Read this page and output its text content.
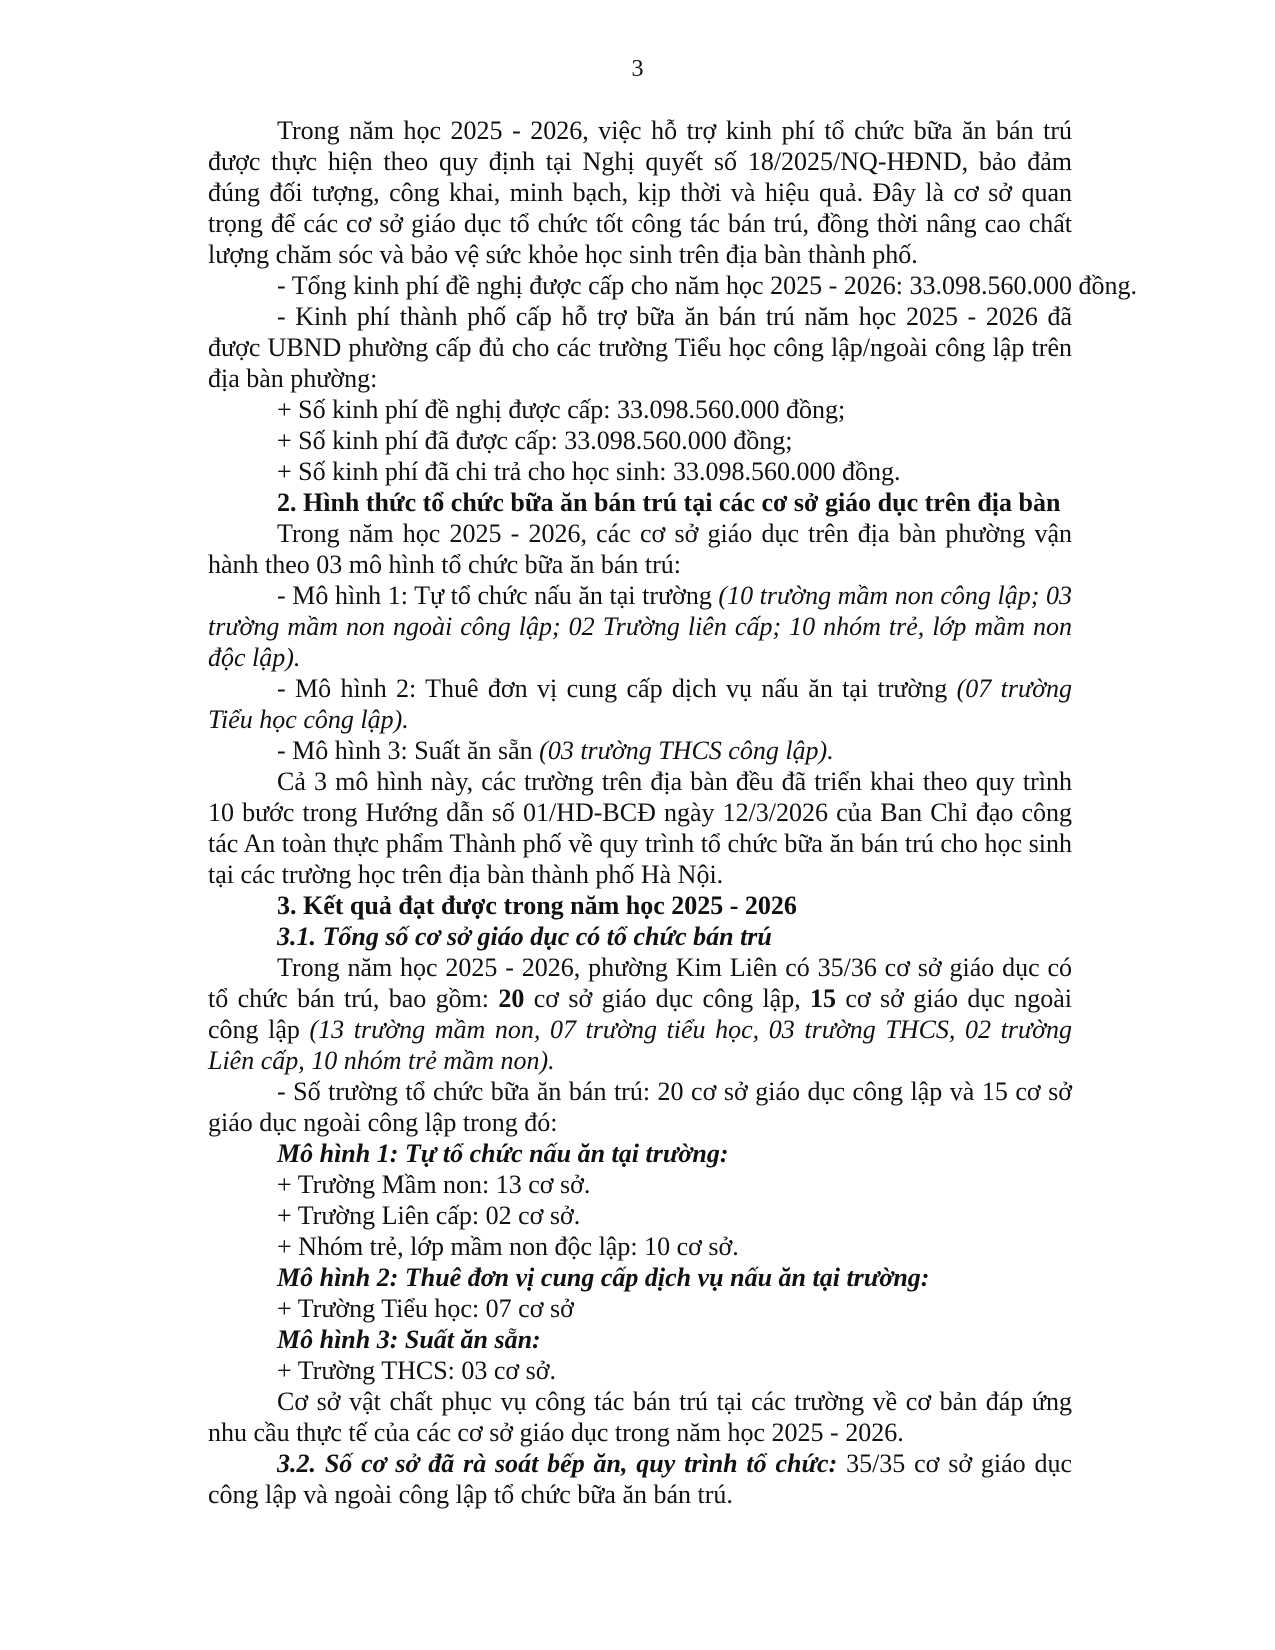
3

Trong năm học 2025 - 2026, việc hỗ trợ kinh phí tổ chức bữa ăn bán trú được thực hiện theo quy định tại Nghị quyết số 18/2025/NQ-HĐND, bảo đảm đúng đối tượng, công khai, minh bạch, kịp thời và hiệu quả. Đây là cơ sở quan trọng để các cơ sở giáo dục tổ chức tốt công tác bán trú, đồng thời nâng cao chất lượng chăm sóc và bảo vệ sức khỏe học sinh trên địa bàn thành phố.

- Tổng kinh phí đề nghị được cấp cho năm học 2025 - 2026: 33.098.560.000 đồng.

- Kinh phí thành phố cấp hỗ trợ bữa ăn bán trú năm học 2025 - 2026 đã được UBND phường cấp đủ cho các trường Tiểu học công lập/ngoài công lập trên địa bàn phường:

+ Số kinh phí đề nghị được cấp: 33.098.560.000 đồng;

+ Số kinh phí đã được cấp: 33.098.560.000 đồng;

+ Số kinh phí đã chi trả cho học sinh: 33.098.560.000 đồng.

2. Hình thức tổ chức bữa ăn bán trú tại các cơ sở giáo dục trên địa bàn

Trong năm học 2025 - 2026, các cơ sở giáo dục trên địa bàn phường vận hành theo 03 mô hình tổ chức bữa ăn bán trú:

- Mô hình 1: Tự tổ chức nấu ăn tại trường (10 trường mầm non công lập; 03 trường mầm non ngoài công lập; 02 Trường liên cấp; 10 nhóm trẻ, lớp mầm non độc lập).

- Mô hình 2: Thuê đơn vị cung cấp dịch vụ nấu ăn tại trường (07 trường Tiểu học công lập).

- Mô hình 3: Suất ăn sẵn (03 trường THCS công lập).

Cả 3 mô hình này, các trường trên địa bàn đều đã triển khai theo quy trình 10 bước trong Hướng dẫn số 01/HD-BCĐ ngày 12/3/2026 của Ban Chỉ đạo công tác An toàn thực phẩm Thành phố về quy trình tổ chức bữa ăn bán trú cho học sinh tại các trường học trên địa bàn thành phố Hà Nội.

3. Kết quả đạt được trong năm học 2025 - 2026

3.1. Tổng số cơ sở giáo dục có tổ chức bán trú

Trong năm học 2025 - 2026, phường Kim Liên có 35/36 cơ sở giáo dục có tổ chức bán trú, bao gồm: 20 cơ sở giáo dục công lập, 15 cơ sở giáo dục ngoài công lập (13 trường mầm non, 07 trường tiểu học, 03 trường THCS, 02 trường Liên cấp, 10 nhóm trẻ mầm non).

- Số trường tổ chức bữa ăn bán trú: 20 cơ sở giáo dục công lập và 15 cơ sở giáo dục ngoài công lập trong đó:

Mô hình 1: Tự tổ chức nấu ăn tại trường:

+ Trường Mầm non: 13 cơ sở.

+ Trường Liên cấp: 02 cơ sở.

+ Nhóm trẻ, lớp mầm non độc lập: 10 cơ sở.

Mô hình 2: Thuê đơn vị cung cấp dịch vụ nấu ăn tại trường:

+ Trường Tiểu học: 07 cơ sở

Mô hình 3: Suất ăn sẵn:

+ Trường THCS: 03 cơ sở.

Cơ sở vật chất phục vụ công tác bán trú tại các trường về cơ bản đáp ứng nhu cầu thực tế của các cơ sở giáo dục trong năm học 2025 - 2026.

3.2. Số cơ sở đã rà soát bếp ăn, quy trình tổ chức: 35/35 cơ sở giáo dục công lập và ngoài công lập tổ chức bữa ăn bán trú.
